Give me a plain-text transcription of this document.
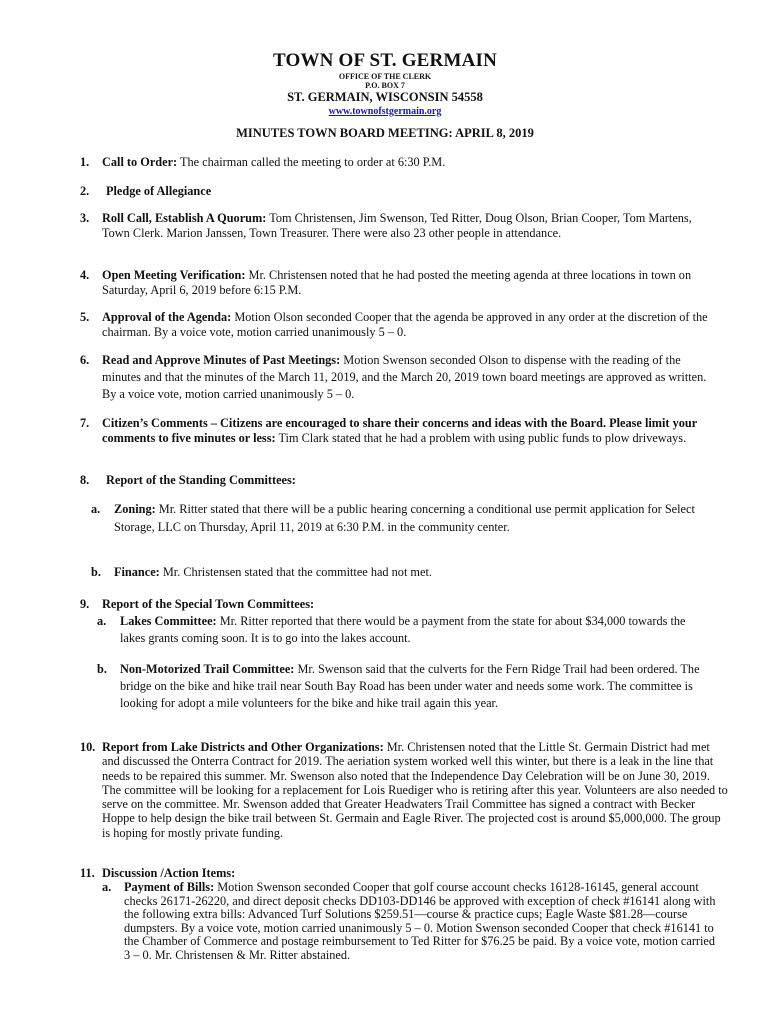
TOWN OF ST. GERMAIN
OFFICE OF THE CLERK
P.O. BOX 7
ST. GERMAIN, WISCONSIN 54558
www.townofstgermain.org
MINUTES TOWN BOARD MEETING: APRIL 8, 2019
1. Call to Order: The chairman called the meeting to order at 6:30 P.M.
2. Pledge of Allegiance
3. Roll Call, Establish A Quorum: Tom Christensen, Jim Swenson, Ted Ritter, Doug Olson, Brian Cooper, Tom Martens, Town Clerk. Marion Janssen, Town Treasurer. There were also 23 other people in attendance.
4. Open Meeting Verification: Mr. Christensen noted that he had posted the meeting agenda at three locations in town on Saturday, April 6, 2019 before 6:15 P.M.
5. Approval of the Agenda: Motion Olson seconded Cooper that the agenda be approved in any order at the discretion of the chairman. By a voice vote, motion carried unanimously 5 – 0.
6. Read and Approve Minutes of Past Meetings: Motion Swenson seconded Olson to dispense with the reading of the minutes and that the minutes of the March 11, 2019, and the March 20, 2019 town board meetings are approved as written. By a voice vote, motion carried unanimously 5 – 0.
7. Citizen’s Comments – Citizens are encouraged to share their concerns and ideas with the Board. Please limit your comments to five minutes or less: Tim Clark stated that he had a problem with using public funds to plow driveways.
8. Report of the Standing Committees:
a. Zoning: Mr. Ritter stated that there will be a public hearing concerning a conditional use permit application for Select Storage, LLC on Thursday, April 11, 2019 at 6:30 P.M. in the community center.
b. Finance: Mr. Christensen stated that the committee had not met.
9. Report of the Special Town Committees:
a. Lakes Committee: Mr. Ritter reported that there would be a payment from the state for about $34,000 towards the lakes grants coming soon. It is to go into the lakes account.
b. Non-Motorized Trail Committee: Mr. Swenson said that the culverts for the Fern Ridge Trail had been ordered. The bridge on the bike and hike trail near South Bay Road has been under water and needs some work. The committee is looking for adopt a mile volunteers for the bike and hike trail again this year.
10. Report from Lake Districts and Other Organizations: Mr. Christensen noted that the Little St. Germain District had met and discussed the Onterra Contract for 2019. The aeriation system worked well this winter, but there is a leak in the line that needs to be repaired this summer. Mr. Swenson also noted that the Independence Day Celebration will be on June 30, 2019. The committee will be looking for a replacement for Lois Ruediger who is retiring after this year. Volunteers are also needed to serve on the committee. Mr. Swenson added that Greater Headwaters Trail Committee has signed a contract with Becker Hoppe to help design the bike trail between St. Germain and Eagle River. The projected cost is around $5,000,000. The group is hoping for mostly private funding.
11. Discussion /Action Items:
a. Payment of Bills: Motion Swenson seconded Cooper that golf course account checks 16128-16145, general account checks 26171-26220, and direct deposit checks DD103-DD146 be approved with exception of check #16141 along with the following extra bills: Advanced Turf Solutions $259.51—course & practice cups; Eagle Waste $81.28—course dumpsters. By a voice vote, motion carried unanimously 5 – 0. Motion Swenson seconded Cooper that check #16141 to the Chamber of Commerce and postage reimbursement to Ted Ritter for $76.25 be paid. By a voice vote, motion carried 3 – 0. Mr. Christensen & Mr. Ritter abstained.
